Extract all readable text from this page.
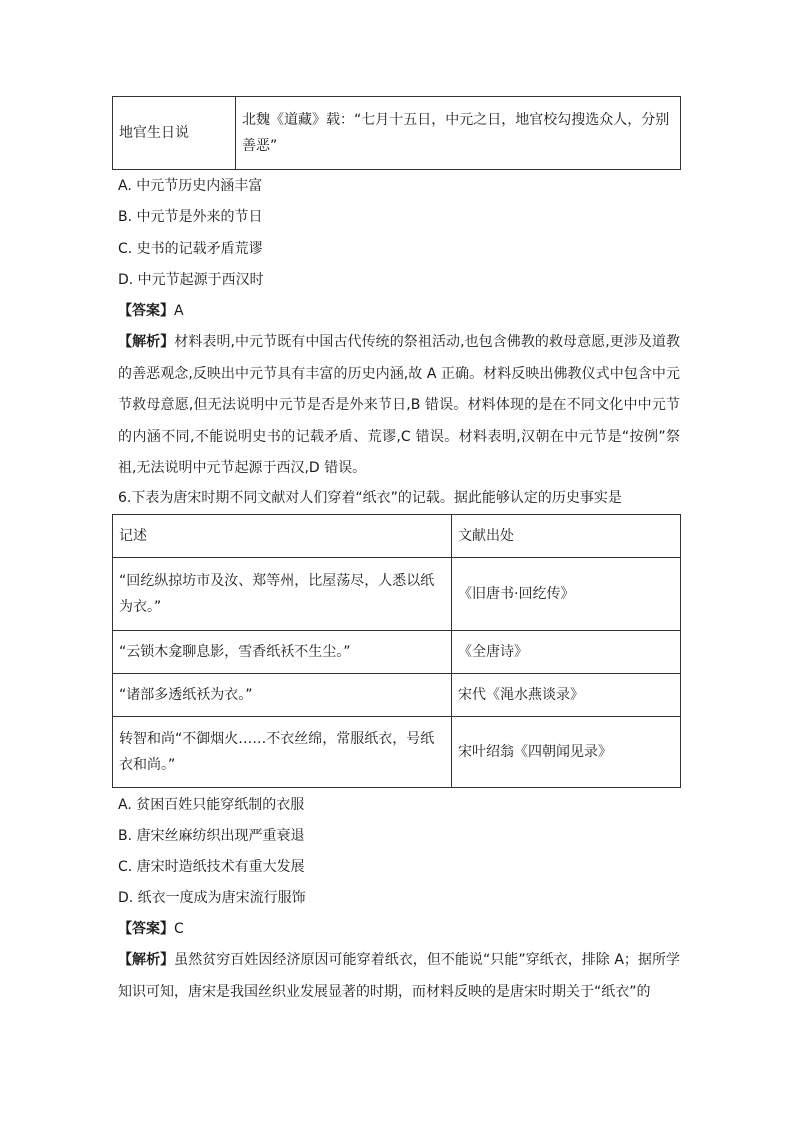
地官生日说	北魏《道藏》载：“七月十五日，中元之日，地官校勾搜选众人，分别善恶”
A. 中元节历史内涵丰富
B. 中元节是外来的节日
C. 史书的记载矛盾荒谬
D. 中元节起源于西汉时
【答案】A
【解析】材料表明,中元节既有中国古代传统的祭祖活动,也包含佛教的救母意愿,更涉及道教的善恶观念,反映出中元节具有丰富的历史内涵,故 A 正确。材料反映出佛教仪式中包含中元节救母意愿,但无法说明中元节是否是外来节日,B 错误。材料体现的是在不同文化中中元节的内涵不同,不能说明史书的记载矛盾、荒谬,C 错误。材料表明,汉朝在中元节是“按例”祭祖,无法说明中元节起源于西汉,D 错误。
6.下表为唐宋时期不同文献对人们穿着“纸衣”的记载。据此能够认定的历史事实是
记述	文献出处
“回纥纵掠坊市及汝、郑等州，比屋荡尽，人悉以纸为衣。”	《旧唐书·回纥传》
“云锁木龛聊息影，雪香纸袄不生尘。”	《全唐诗》
“诸部多透纸袄为衣。”	宋代《渑水燕谈录》
转智和尚“不御烟火……不衣丝绵，常服纸衣，号纸衣和尚。”	宋叶绍翁《四朝闻见录》
A. 贫困百姓只能穿纸制的衣服
B. 唐宋丝麻纺织出现严重衰退
C. 唐宋时造纸技术有重大发展
D. 纸衣一度成为唐宋流行服饰
【答案】C
【解析】虽然贫穷百姓因经济原因可能穿着纸衣，但不能说“只能”穿纸衣，排除 A；据所学知识可知，唐宋是我国丝织业发展显著的时期，而材料反映的是唐宋时期关于“纸衣”的
